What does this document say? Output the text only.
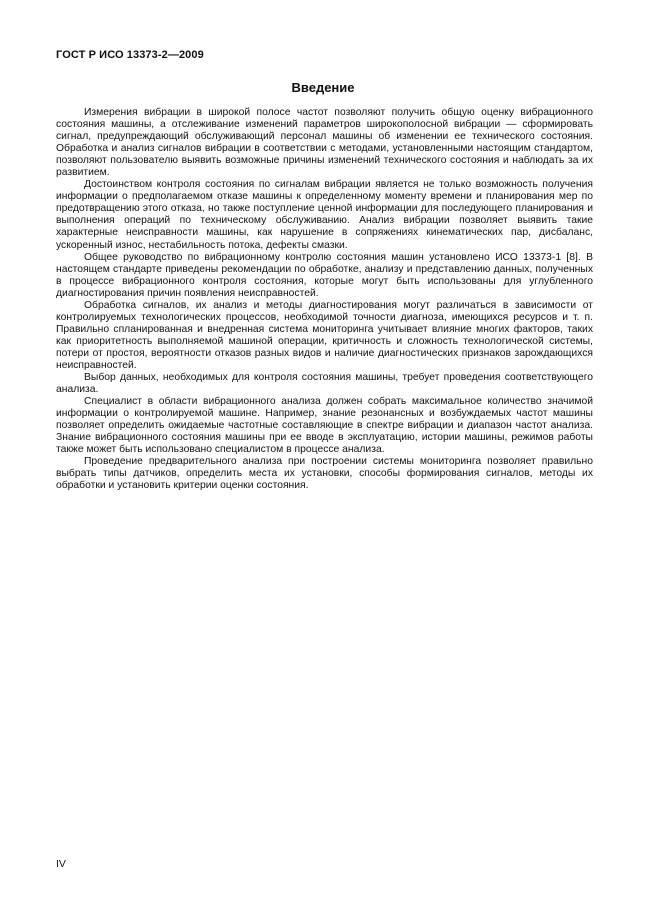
ГОСТ Р ИСО 13373-2—2009
Введение

Измерения вибрации в широкой полосе частот позволяют получить общую оценку вибрационного состояния машины, а отслеживание изменений параметров широкополосной вибрации — сформировать сигнал, предупреждающий обслуживающий персонал машины об изменении ее технического состояния. Обработка и анализ сигналов вибрации в соответствии с методами, установленными настоящим стандартом, позволяют пользователю выявить возможные причины изменений технического состояния и наблюдать за их развитием.

Достоинством контроля состояния по сигналам вибрации является не только возможность получения информации о предполагаемом отказе машины к определенному моменту времени и планирования мер по предотвращению этого отказа, но также поступление ценной информации для последующего планирования и выполнения операций по техническому обслуживанию. Анализ вибрации позволяет выявить такие характерные неисправности машины, как нарушение в сопряжениях кинематических пар, дисбаланс, ускоренный износ, нестабильность потока, дефекты смазки.

Общее руководство по вибрационному контролю состояния машин установлено ИСО 13373-1 [8]. В настоящем стандарте приведены рекомендации по обработке, анализу и представлению данных, полученных в процессе вибрационного контроля состояния, которые могут быть использованы для углубленного диагностирования причин появления неисправностей.

Обработка сигналов, их анализ и методы диагностирования могут различаться в зависимости от контролируемых технологических процессов, необходимой точности диагноза, имеющихся ресурсов и т. п. Правильно спланированная и внедренная система мониторинга учитывает влияние многих факторов, таких как приоритетность выполняемой машиной операции, критичность и сложность технологической системы, потери от простоя, вероятности отказов разных видов и наличие диагностических признаков зарождающихся неисправностей.

Выбор данных, необходимых для контроля состояния машины, требует проведения соответствующего анализа.

Специалист в области вибрационного анализа должен собрать максимальное количество значимой информации о контролируемой машине. Например, знание резонансных и возбуждаемых частот машины позволяет определить ожидаемые частотные составляющие в спектре вибрации и диапазон частот анализа. Знание вибрационного состояния машины при ее вводе в эксплуатацию, истории машины, режимов работы также может быть использовано специалистом в процессе анализа.

Проведение предварительного анализа при построении системы мониторинга позволяет правильно выбрать типы датчиков, определить места их установки, способы формирования сигналов, методы их обработки и установить критерии оценки состояния.

IV
